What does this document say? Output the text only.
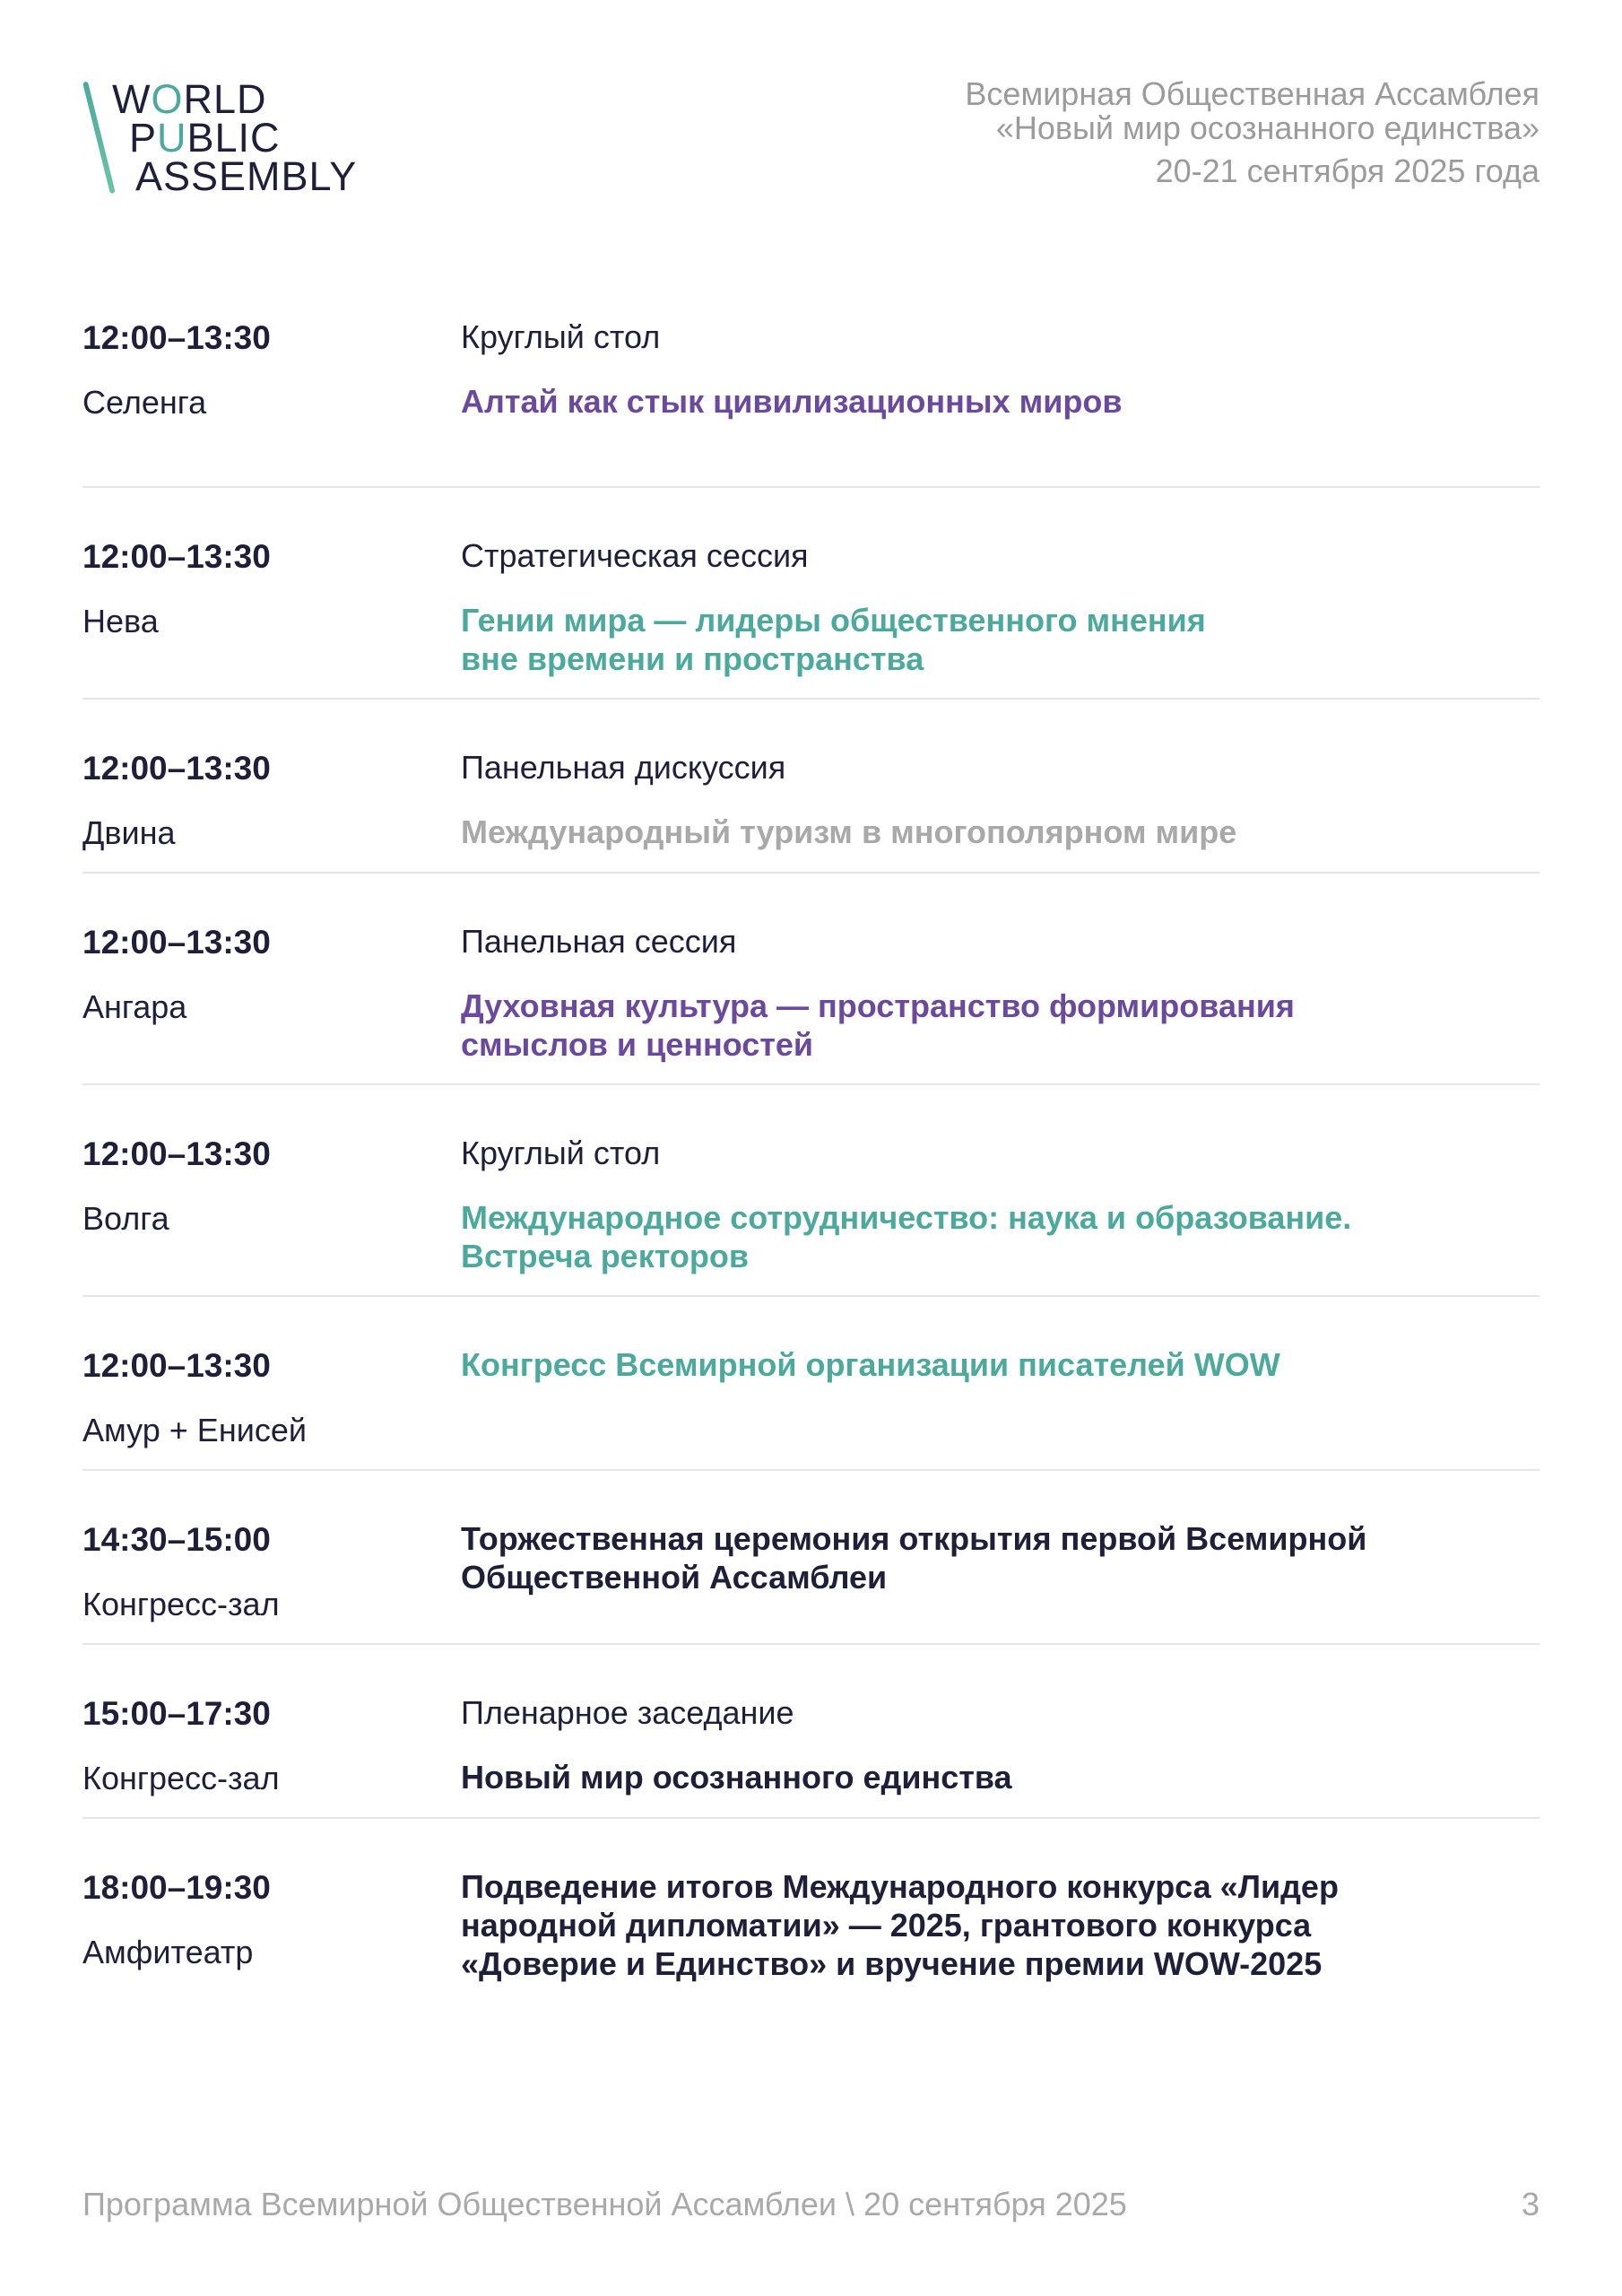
WORLD
PUBLIC
ASSEMBLY
Всемирная Общественная Ассамблея
«Новый мир осознанного единства»
20-21 сентября 2025 года
12:00–13:30
Селенга
Круглый стол
Алтай как стык цивилизационных миров
12:00–13:30
Нева
Стратегическая сессия
Гении мира — лидеры общественного мнения
вне времени и пространства
12:00–13:30
Двина
Панельная дискуссия
Международный туризм в многополярном мире
12:00–13:30
Ангара
Панельная сессия
Духовная культура — пространство формирования
смыслов и ценностей
12:00–13:30
Волга
Круглый стол
Международное сотрудничество: наука и образование.
Встреча ректоров
12:00–13:30
Амур + Енисей
Конгресс Всемирной организации писателей WOW
14:30–15:00
Конгресс-зал
Торжественная церемония открытия первой Всемирной
Общественной Ассамблеи
15:00–17:30
Конгресс-зал
Пленарное заседание
Новый мир осознанного единства
18:00–19:30
Амфитеатр
Подведение итогов Международного конкурса «Лидер
народной дипломатии» — 2025, грантового конкурса
«Доверие и Единство» и вручение премии WOW-2025
Программа Всемирной Общественной Ассамблеи \ 20 сентября 2025	3
